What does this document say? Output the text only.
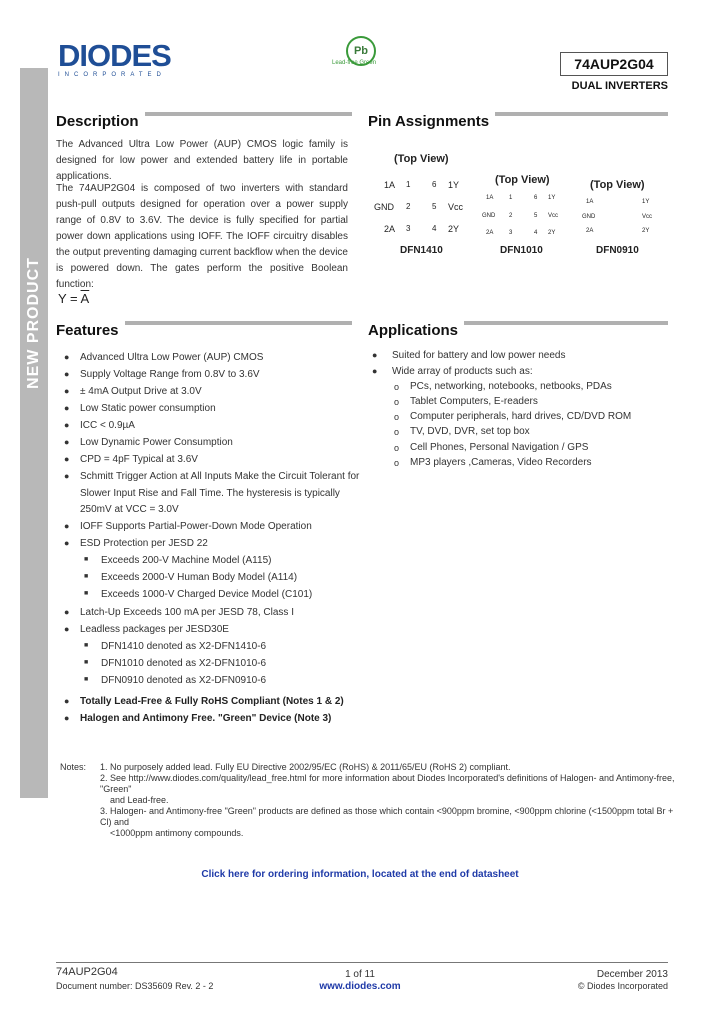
NEW PRODUCT
DIODES
INCORPORATED
Pb
Lead-free Green	74AUP2G04
DUAL INVERTERS
Description
The Advanced Ultra Low Power (AUP) CMOS logic family is designed for low power and extended battery life in portable applications.
The 74AUP2G04 is composed of two inverters with standard push-pull outputs designed for operation over a power supply range of 0.8V to 3.6V. The device is fully specified for partial power down applications using IOFF. The IOFF circuitry disables the output preventing damaging current backflow when the device is powered down. The gates perform the positive Boolean function:
$Y = \overline{A}$
Pin Assignments
(Top View)
1A
GND
2A
1
2
3
6
5
4
1Y
Vcc
2Y
DFN1410
(Top View)
1A
GND
2A
1
2
3
6
5
4
1Y
Vcc
2Y
DFN1010
(Top View)
1A
GND
2A
1Y
Vcc
2Y
DFN0910
Features
● Advanced Ultra Low Power (AUP) CMOS
● Supply Voltage Range from 0.8V to 3.6V
● ± 4mA Output Drive at 3.0V
● Low Static power consumption
● ICC < 0.9µA
● Low Dynamic Power Consumption
● CPD = 4pF Typical at 3.6V
● Schmitt Trigger Action at All Inputs Make the Circuit Tolerant for
Slower Input Rise and Fall Time. The hysteresis is typically
250mV at VCC = 3.0V
● IOFF Supports Partial-Power-Down Mode Operation
● ESD Protection per JESD 22
■ Exceeds 200-V Machine Model (A115)
■ Exceeds 2000-V Human Body Model (A114)
■ Exceeds 1000-V Charged Device Model (C101)
● Latch-Up Exceeds 100 mA per JESD 78, Class I
● Leadless packages per JESD30E
■ DFN1410 denoted as X2-DFN1410-6
■ DFN1010 denoted as X2-DFN1010-6
■ DFN0910 denoted as X2-DFN0910-6
● Totally Lead-Free & Fully RoHS Compliant (Notes 1 & 2)
● Halogen and Antimony Free. "Green" Device (Note 3)
Applications
● Suited for battery and low power needs
● Wide array of products such as:
o PCs, networking, notebooks, netbooks, PDAs
o Tablet Computers, E-readers
o Computer peripherals, hard drives, CD/DVD ROM
o TV, DVD, DVR, set top box
o Cell Phones, Personal Navigation / GPS
o MP3 players ,Cameras, Video Recorders
Notes: 1. No purposely added lead. Fully EU Directive 2002/95/EC (RoHS) & 2011/65/EU (RoHS 2) compliant.
2. See http://www.diodes.com/quality/lead_free.html for more information about Diodes Incorporated's definitions of Halogen- and Antimony-free, "Green"
and Lead-free.
3. Halogen- and Antimony-free "Green" products are defined as those which contain <900ppm bromine, <900ppm chlorine (<1500ppm total Br + Cl) and
<1000ppm antimony compounds.
Click here for ordering information, located at the end of datasheet
74AUP2G04
Document number: DS35609 Rev. 2 - 2
1 of 11
www.diodes.com
December 2013
© Diodes Incorporated
